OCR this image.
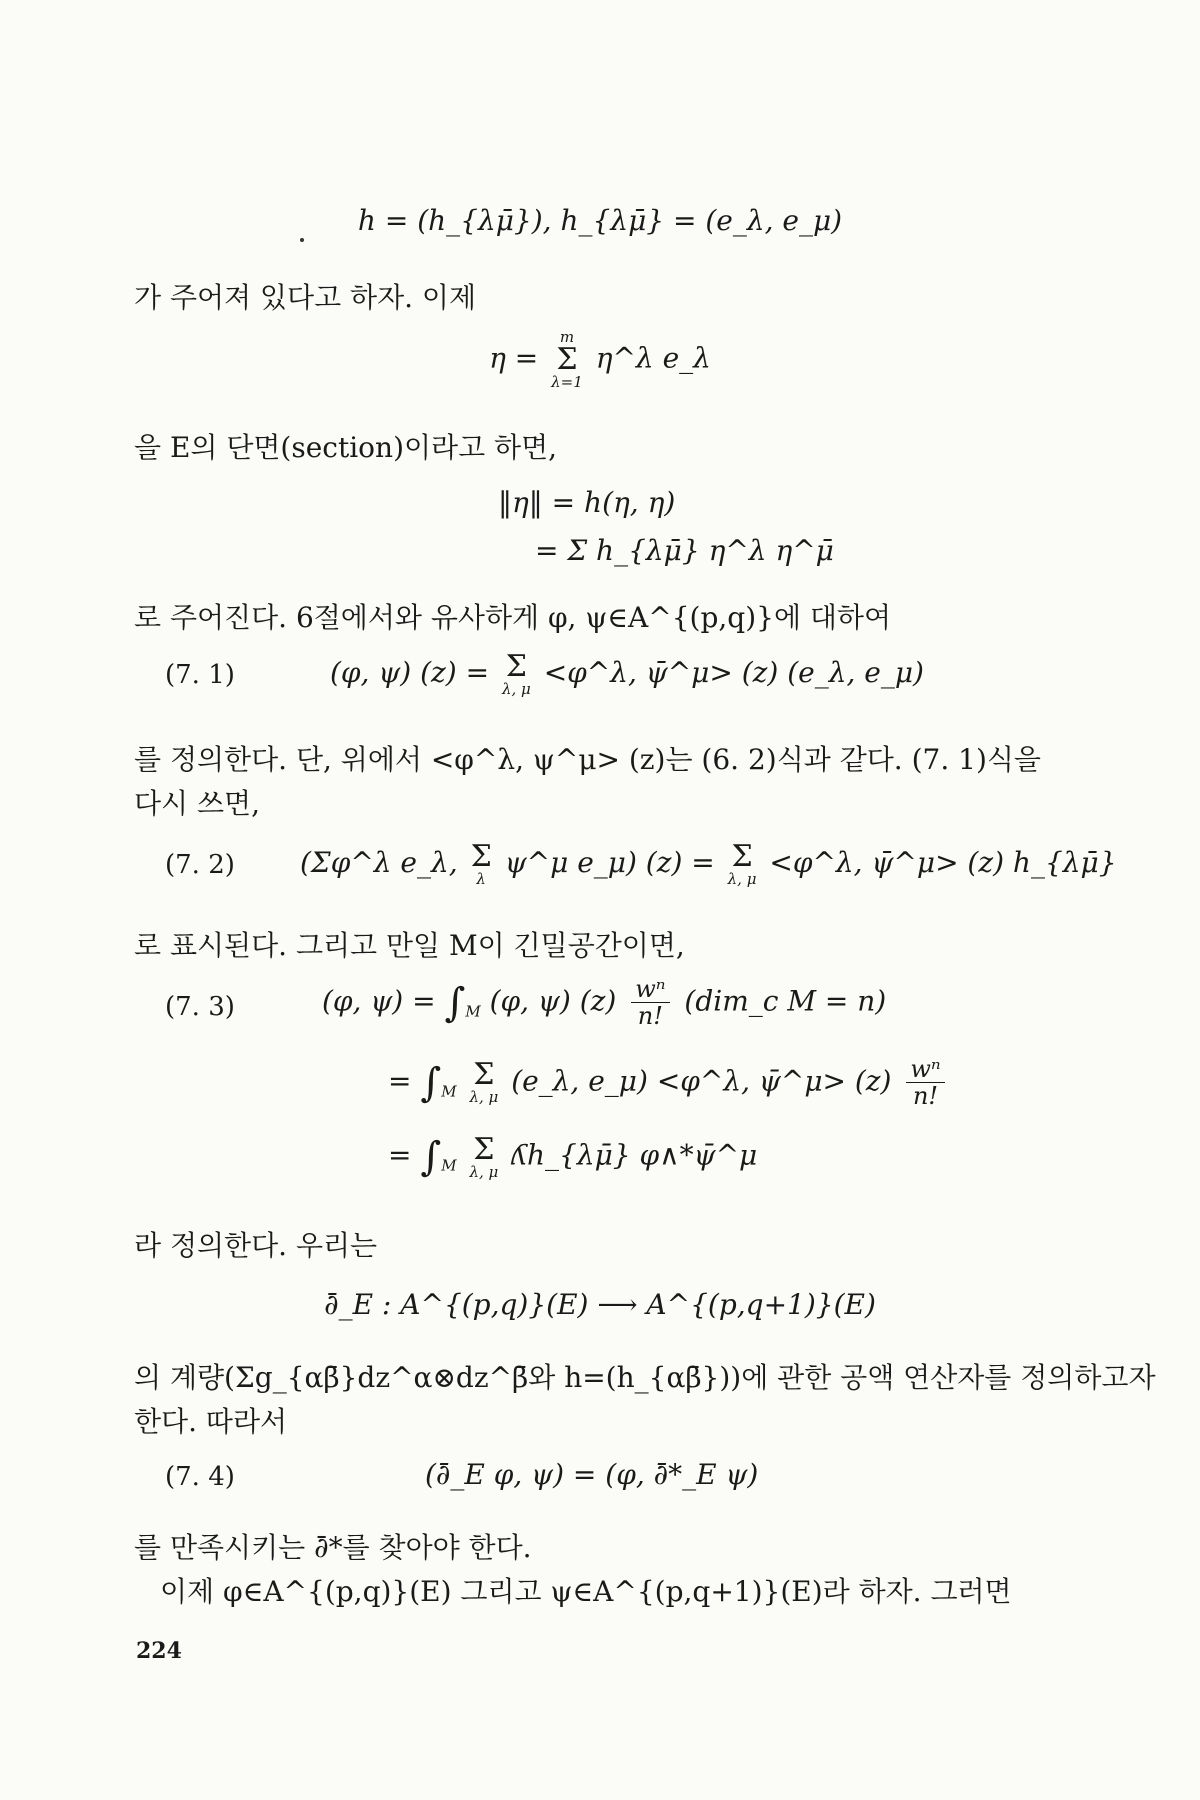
h = (h_{λμ̄}), h_{λμ̄} = (e_λ, e_μ)
가 주어져 있다고 하자. 이제
η =
m
Σ
λ=1
η^λ e_λ
을 E의 단면(section)이라고 하면,
‖η‖ = h(η, η)
= Σ h_{λμ̄} η^λ η^μ̄
로 주어진다. 6절에서와 유사하게 φ, ψ∈A^{(p,q)}에 대하여
(7. 1)	(φ, ψ) (z) = Σ
λ, μ <φ^λ, ψ̄^μ> (z) (e_λ, e_μ)
를 정의한다. 단, 위에서 <φ^λ, ψ^μ> (z)는 (6. 2)식과 같다. (7. 1)식을
다시 쓰면,
(7. 2) (Σφ^λ e_λ, Σ
λ ψ^μ e_μ) (z) = Σ
λ, μ <φ^λ, ψ̄^μ> (z) h_{λμ̄}
로 표시된다. 그리고 만일 M이 긴밀공간이면,
(7. 3)	(φ, $\psi) = \int_M$ (φ, ψ) $(z) \frac{\text{wⁿ}}{n!}$ (dim_c M = n)
= $\int_M$ Σ
λ, μ (e_λ, e_μ) <φ^λ, ψ̄^μ> $(z) \frac{\text{wⁿ}}{n!}$
= $\int_M$ Σ
λ, μ ʎh_{λμ̄} φ∧*ψ̄^μ
라 정의한다. 우리는
∂̄_E : A^{(p,q)}(E) ⟶ A^{(p,q+1)}(E)
의 계량(Σg_{αβ̄}dz^α⊗dz^β̄와 h=(h_{αβ̄}))에 관한 공액 연산자를 정의하고자
한다. 따라서
(7. 4)	(∂̄_E φ, ψ) = (φ, ∂̄*_E ψ)
를 만족시키는 ∂̄*를 찾아야 한다.
이제 φ∈A^{(p,q)}(E) 그리고 ψ∈A^{(p,q+1)}(E)라 하자. 그러면
224
